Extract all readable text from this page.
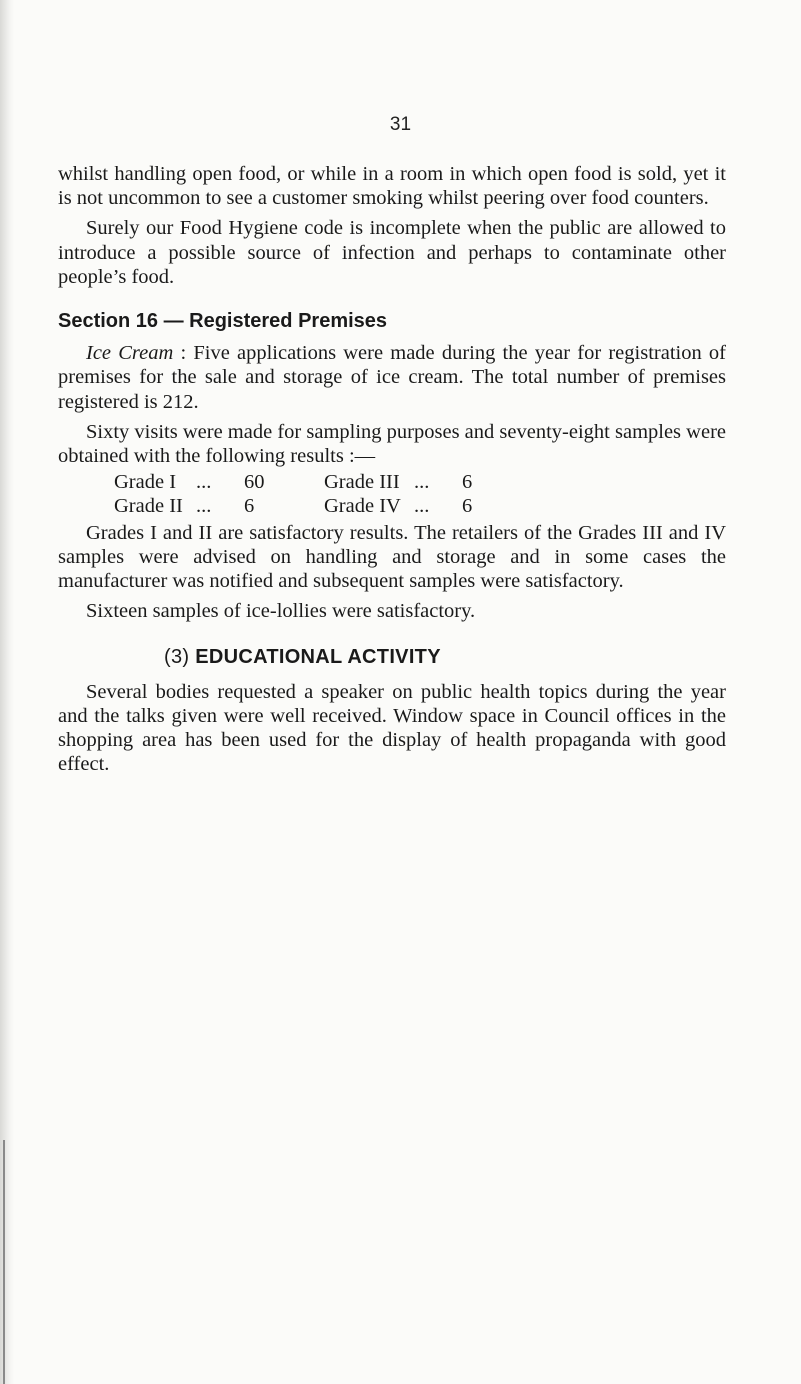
31

whilst handling open food, or while in a room in which open food is sold, yet it is not uncommon to see a customer smoking whilst peering over food counters.

Surely our Food Hygiene code is incomplete when the public are allowed to introduce a possible source of infection and perhaps to contaminate other people’s food.

Section 16 — Registered Premises

Ice Cream : Five applications were made during the year for registration of premises for the sale and storage of ice cream. The total number of premises registered is 212.

Sixty visits were made for sampling purposes and seventy-eight samples were obtained with the following results :—

Grade I ...	60	Grade III ...	6
Grade II ...	6	Grade IV ...	6

Grades I and II are satisfactory results. The retailers of the Grades III and IV samples were advised on handling and storage and in some cases the manufacturer was notified and subsequent samples were satisfactory.

Sixteen samples of ice-lollies were satisfactory.

(3) EDUCATIONAL ACTIVITY

Several bodies requested a speaker on public health topics during the year and the talks given were well received. Window space in Council offices in the shopping area has been used for the display of health propaganda with good effect.
